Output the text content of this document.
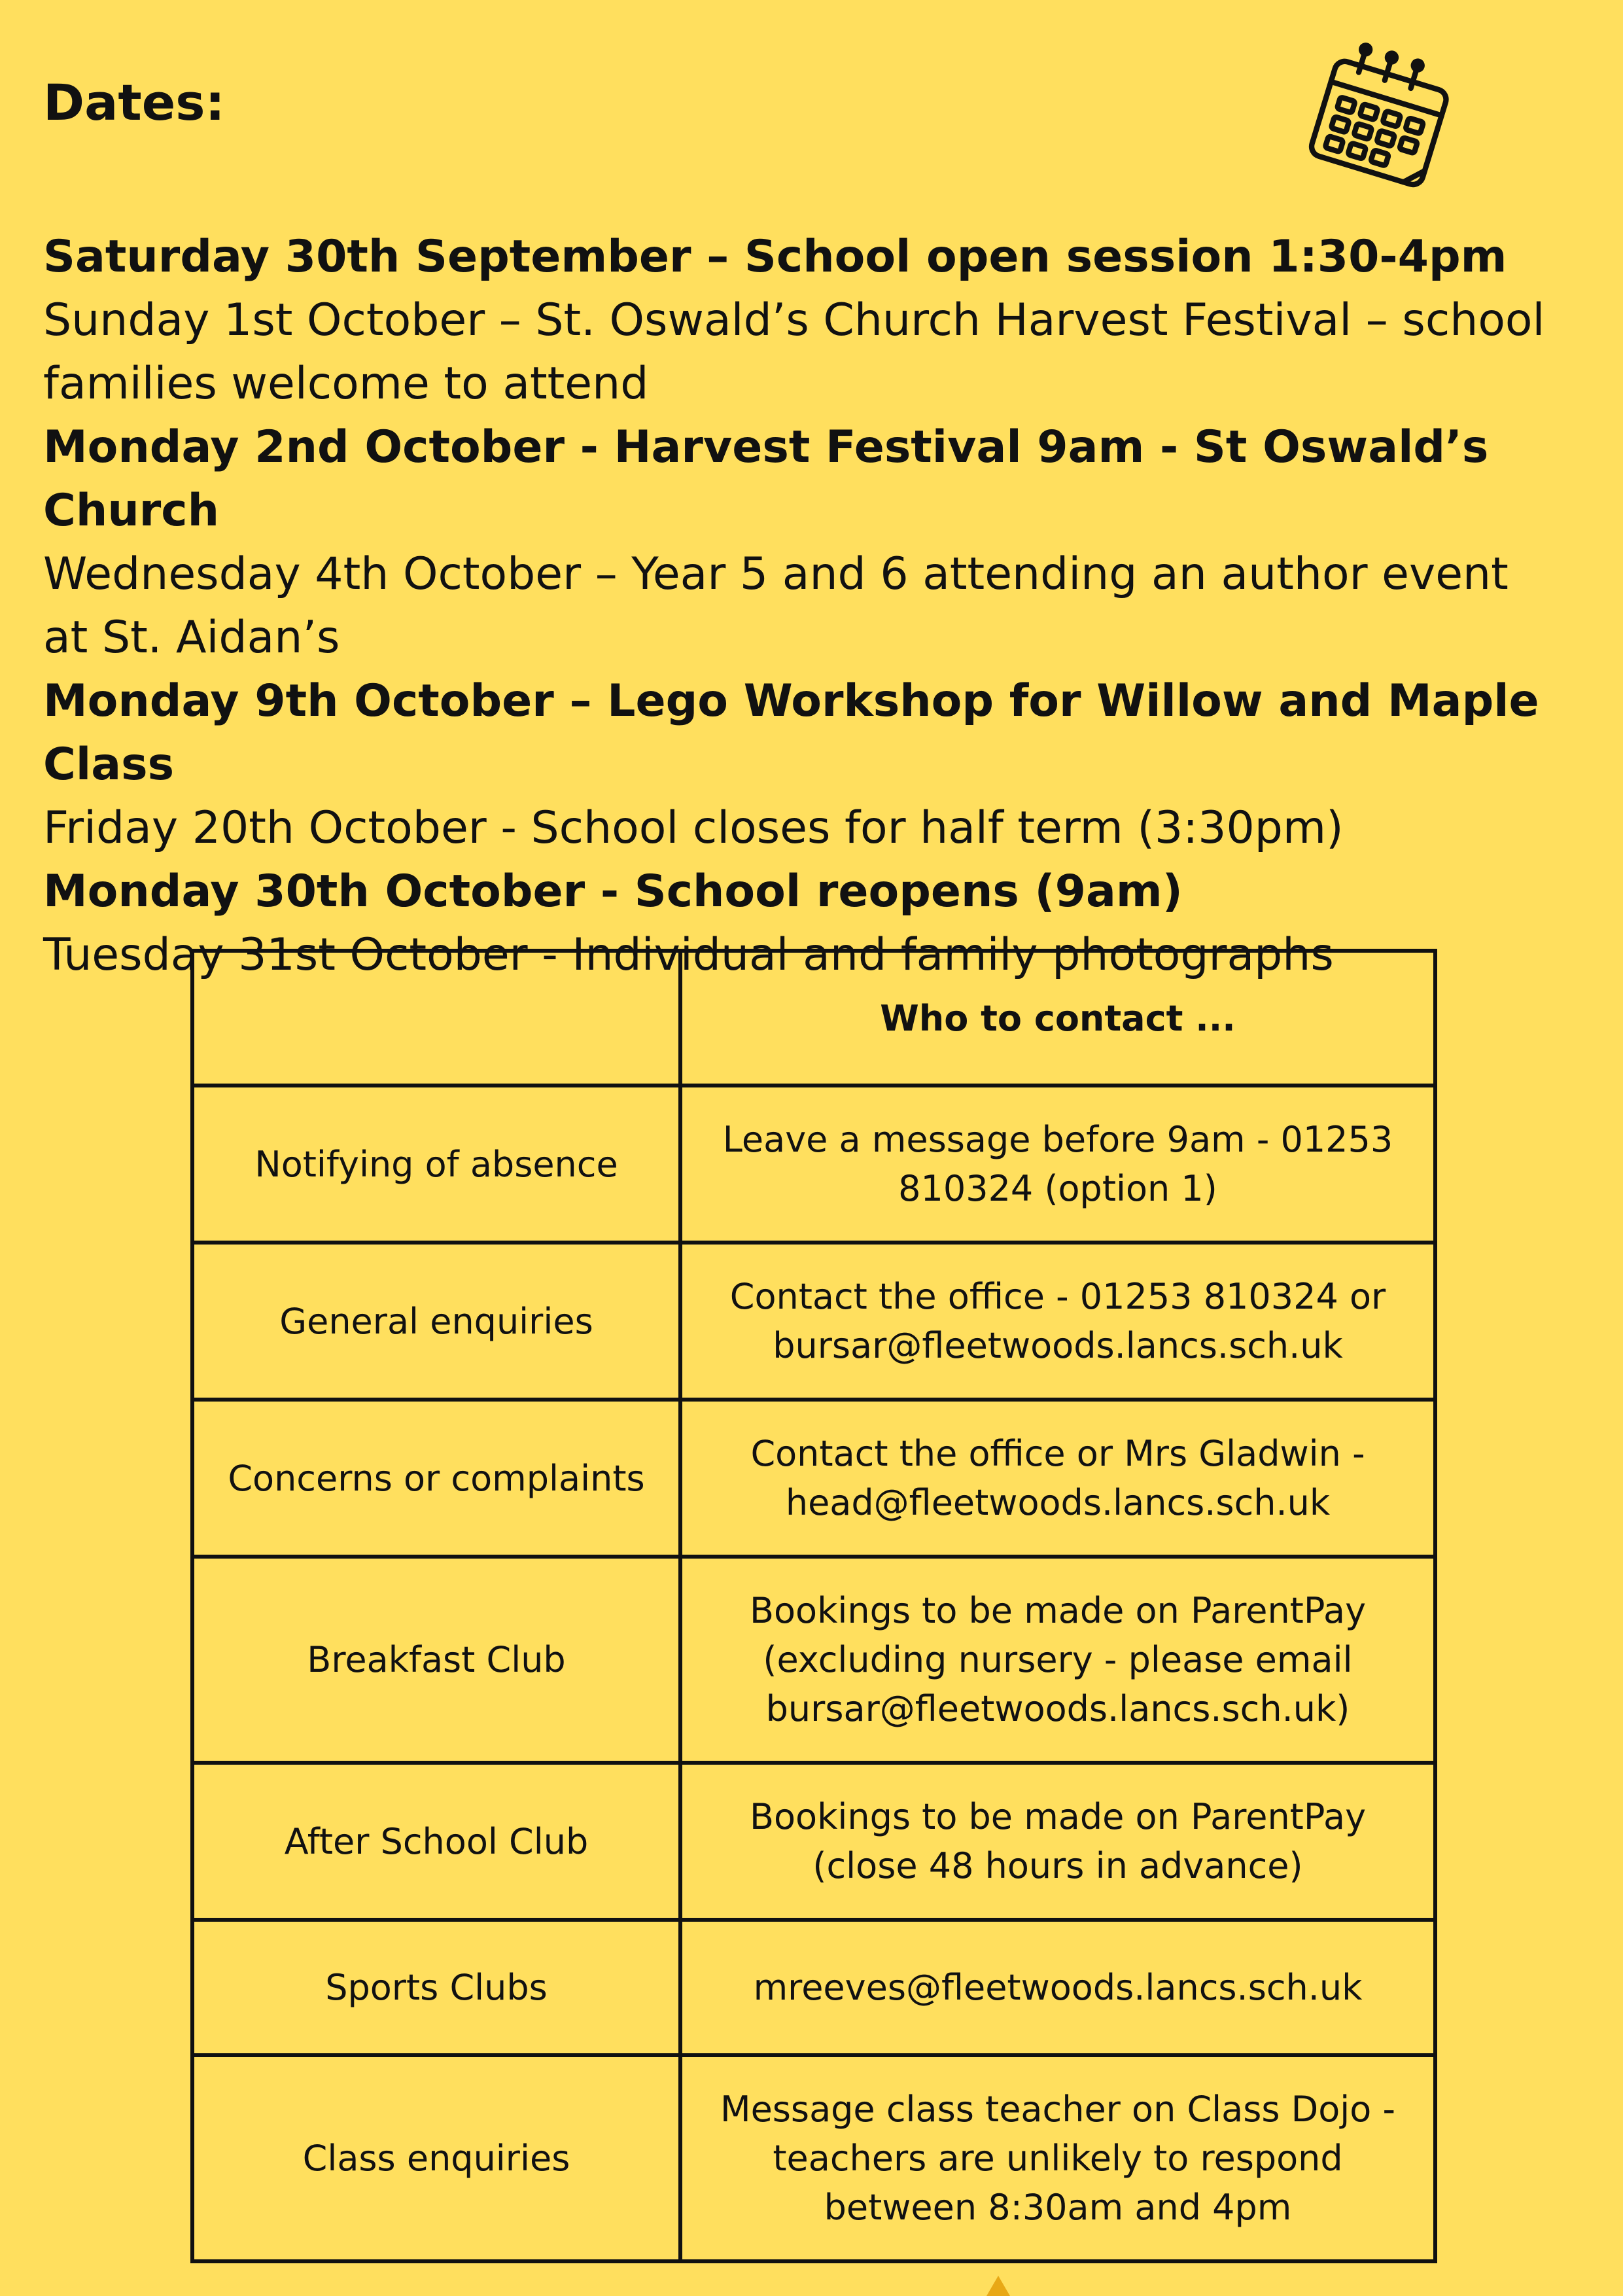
Dates:
Saturday 30th September – School open session 1:30-4pm
Sunday 1st October – St. Oswald’s Church Harvest Festival – school
families welcome to attend
Monday 2nd October - Harvest Festival 9am - St Oswald’s Church
Wednesday 4th October – Year 5 and 6 attending an author event
at St. Aidan’s
Monday 9th October – Lego Workshop for Willow and Maple Class
Friday 20th October - School closes for half term (3:30pm)
Monday 30th October - School reopens (9am)
Tuesday 31st October - Individual and family photographs
	Who to contact ...
Notifying of absence	Leave a message before 9am - 01253
810324 (option 1)

General enquiries	Contact the office - 01253 810324 or
bursar@fleetwoods.lancs.sch.uk

Concerns or complaints	Contact the office or Mrs Gladwin -
head@fleetwoods.lancs.sch.uk

Breakfast Club	Bookings to be made on ParentPay
(excluding nursery - please email
bursar@fleetwoods.lancs.sch.uk)

After School Club	Bookings to be made on ParentPay
(close 48 hours in advance)

Sports Clubs	mreeves@fleetwoods.lancs.sch.uk

Class enquiries	Message class teacher on Class Dojo -
teachers are unlikely to respond
between 8:30am and 4pm
